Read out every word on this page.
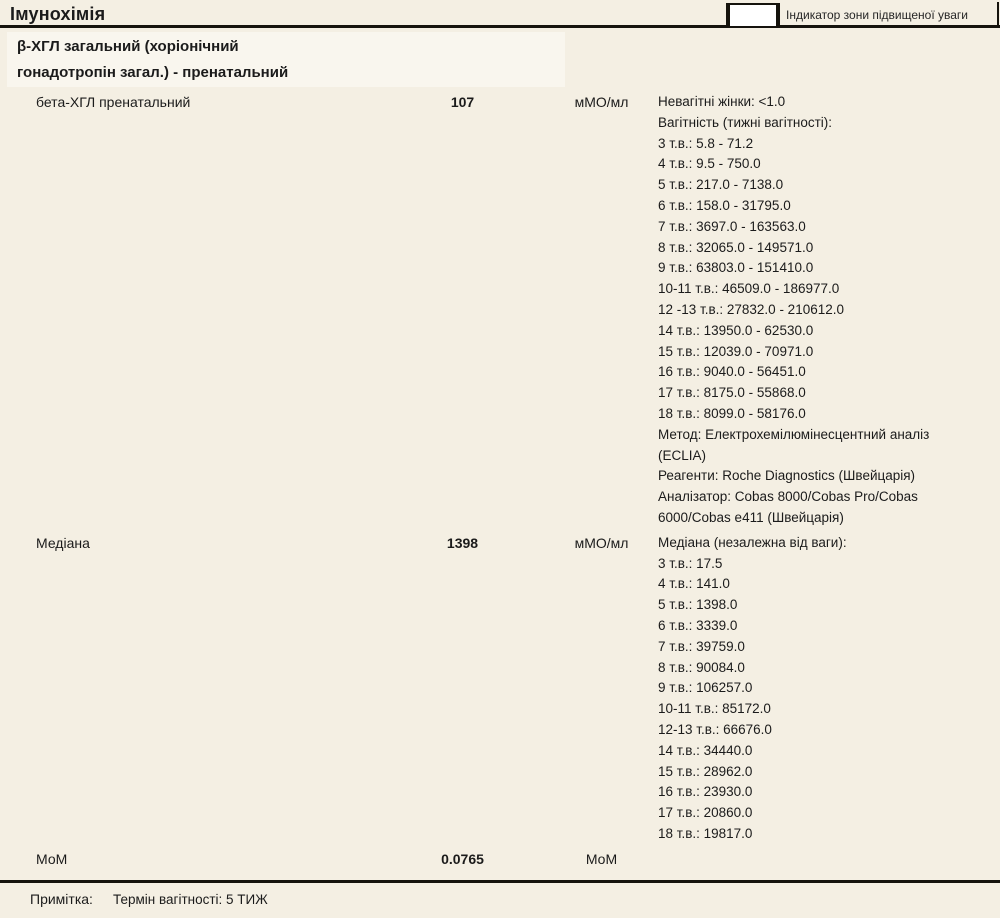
Імунохімія	Індикатор зони підвищеної уваги
β-ХГЛ загальний (хоріонічний
гонадотропін загал.) - пренатальний
бета-ХГЛ пренатальний	107	мМО/мл	Невагітні жінки: <1.0
Вагітність (тижні вагітності):
3 т.в.: 5.8 - 71.2
4 т.в.: 9.5 - 750.0
5 т.в.: 217.0 - 7138.0
6 т.в.: 158.0 - 31795.0
7 т.в.: 3697.0 - 163563.0
8 т.в.: 32065.0 - 149571.0
9 т.в.: 63803.0 - 151410.0
10-11 т.в.: 46509.0 - 186977.0
12 -13 т.в.: 27832.0 - 210612.0
14 т.в.: 13950.0 - 62530.0
15 т.в.: 12039.0 - 70971.0
16 т.в.: 9040.0 - 56451.0
17 т.в.: 8175.0 - 55868.0
18 т.в.: 8099.0 - 58176.0
Метод: Електрохемілюмінесцентний аналіз
(ECLIA)
Реагенти: Roche Diagnostics (Швейцарія)
Аналізатор: Cobas 8000/Cobas Pro/Cobas
6000/Cobas e411 (Швейцарія)
Медіана	1398	мМО/мл	Медіана (незалежна від ваги):
3 т.в.: 17.5
4 т.в.: 141.0
5 т.в.: 1398.0
6 т.в.: 3339.0
7 т.в.: 39759.0
8 т.в.: 90084.0
9 т.в.: 106257.0
10-11 т.в.: 85172.0
12-13 т.в.: 66676.0
14 т.в.: 34440.0
15 т.в.: 28962.0
16 т.в.: 23930.0
17 т.в.: 20860.0
18 т.в.: 19817.0
МоМ	0.0765	МоМ
Примітка:	Термін вагітності: 5 ТИЖ
